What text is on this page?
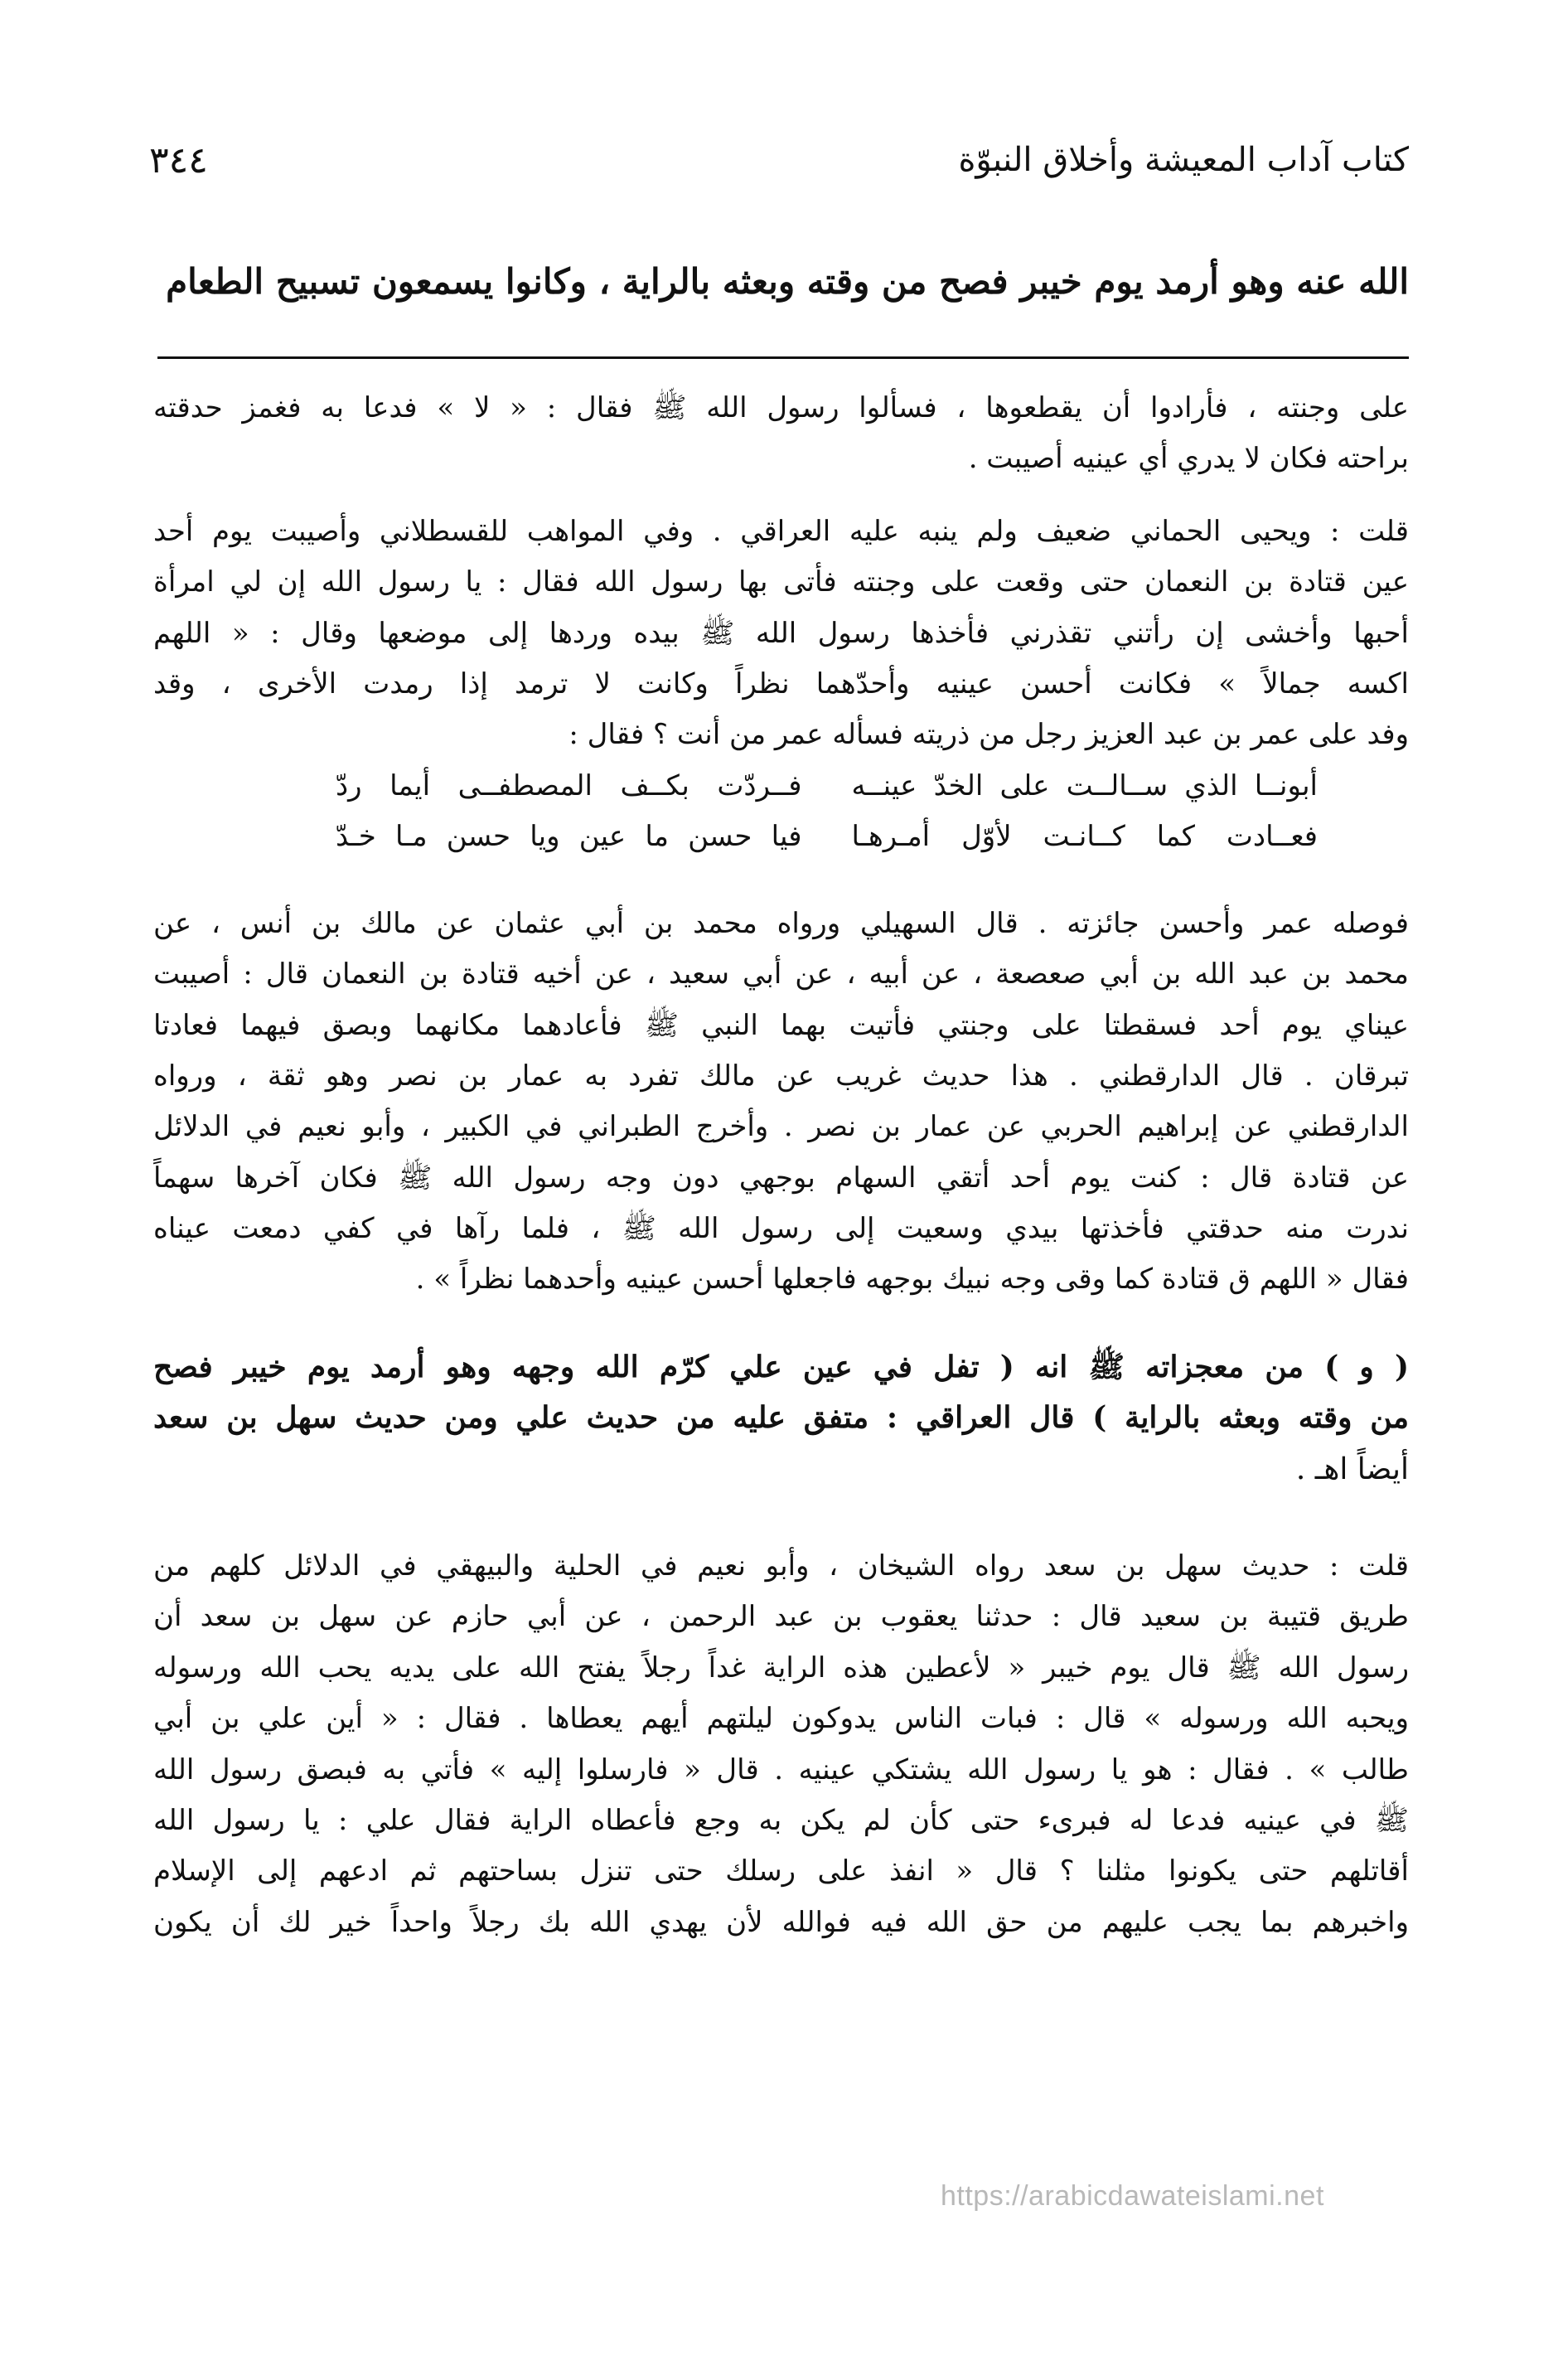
كتاب آداب المعيشة وأخلاق النبوّة
٣٤٤
الله عنه وهو أرمد يوم خيبر فصح من وقته وبعثه بالراية ، وكانوا يسمعون تسبيح الطعام
على وجنته ، فأرادوا أن يقطعوها ، فسألوا رسول الله ﷺ فقال : « لا » فدعا به فغمز حدقته
براحته فكان لا يدري أي عينيه أصيبت .
قلت : ويحيى الحماني ضعيف ولم ينبه عليه العراقي . وفي المواهب للقسطلاني وأصيبت يوم أحد
عين قتادة بن النعمان حتى وقعت على وجنته فأتى بها رسول الله فقال : يا رسول الله إن لي امرأة
أحبها وأخشى إن رأتني تقذرني فأخذها رسول الله ﷺ بيده وردها إلى موضعها وقال : « اللهم
اكسه جمالاً » فكانت أحسن عينيه وأحدّهما نظراً وكانت لا ترمد إذا رمدت الأخرى ، وقد
وفد على عمر بن عبد العزيز رجل من ذريته فسأله عمر من أنت ؟ فقال :
أبونــا الذي ســالــت على الخدّ عينــه
فــردّت بكــف المصطفــى أيما ردّ
فعــادت كما كــانـت لأوّل أمـرهـا
فيا حسن ما عين ويا حسن مـا خـدّ
فوصله عمر وأحسن جائزته . قال السهيلي ورواه محمد بن أبي عثمان عن مالك بن أنس ، عن
محمد بن عبد الله بن أبي صعصعة ، عن أبيه ، عن أبي سعيد ، عن أخيه قتادة بن النعمان قال : أصيبت
عيناي يوم أحد فسقطتا على وجنتي فأتيت بهما النبي ﷺ فأعادهما مكانهما وبصق فيهما فعادتا
تبرقان . قال الدارقطني . هذا حديث غريب عن مالك تفرد به عمار بن نصر وهو ثقة ، ورواه
الدارقطني عن إبراهيم الحربي عن عمار بن نصر . وأخرج الطبراني في الكبير ، وأبو نعيم في الدلائل
عن قتادة قال : كنت يوم أحد أتقي السهام بوجهي دون وجه رسول الله ﷺ فكان آخرها سهماً
ندرت منه حدقتي فأخذتها بيدي وسعيت إلى رسول الله ﷺ ، فلما رآها في كفي دمعت عيناه
فقال « اللهم ق قتادة كما وقى وجه نبيك بوجهه فاجعلها أحسن عينيه وأحدهما نظراً » .
( و ) من معجزاته ﷺ انه ( تفل في عين علي كرّم الله وجهه وهو أرمد يوم خيبر فصح
من وقته وبعثه بالراية ) قال العراقي : متفق عليه من حديث علي ومن حديث سهل بن سعد
أيضاً اهـ .
قلت : حديث سهل بن سعد رواه الشيخان ، وأبو نعيم في الحلية والبيهقي في الدلائل كلهم من
طريق قتيبة بن سعيد قال : حدثنا يعقوب بن عبد الرحمن ، عن أبي حازم عن سهل بن سعد أن
رسول الله ﷺ قال يوم خيبر « لأعطين هذه الراية غداً رجلاً يفتح الله على يديه يحب الله ورسوله
ويحبه الله ورسوله » قال : فبات الناس يدوكون ليلتهم أيهم يعطاها . فقال : « أين علي بن أبي
طالب » . فقال : هو يا رسول الله يشتكي عينيه . قال « فارسلوا إليه » فأتي به فبصق رسول الله
ﷺ في عينيه فدعا له فبرىء حتى كأن لم يكن به وجع فأعطاه الراية فقال علي : يا رسول الله
أقاتلهم حتى يكونوا مثلنا ؟ قال « انفذ على رسلك حتى تنزل بساحتهم ثم ادعهم إلى الإسلام
واخبرهم بما يجب عليهم من حق الله فيه فوالله لأن يهدي الله بك رجلاً واحداً خير لك أن يكون
https://arabicdawateislami.net
